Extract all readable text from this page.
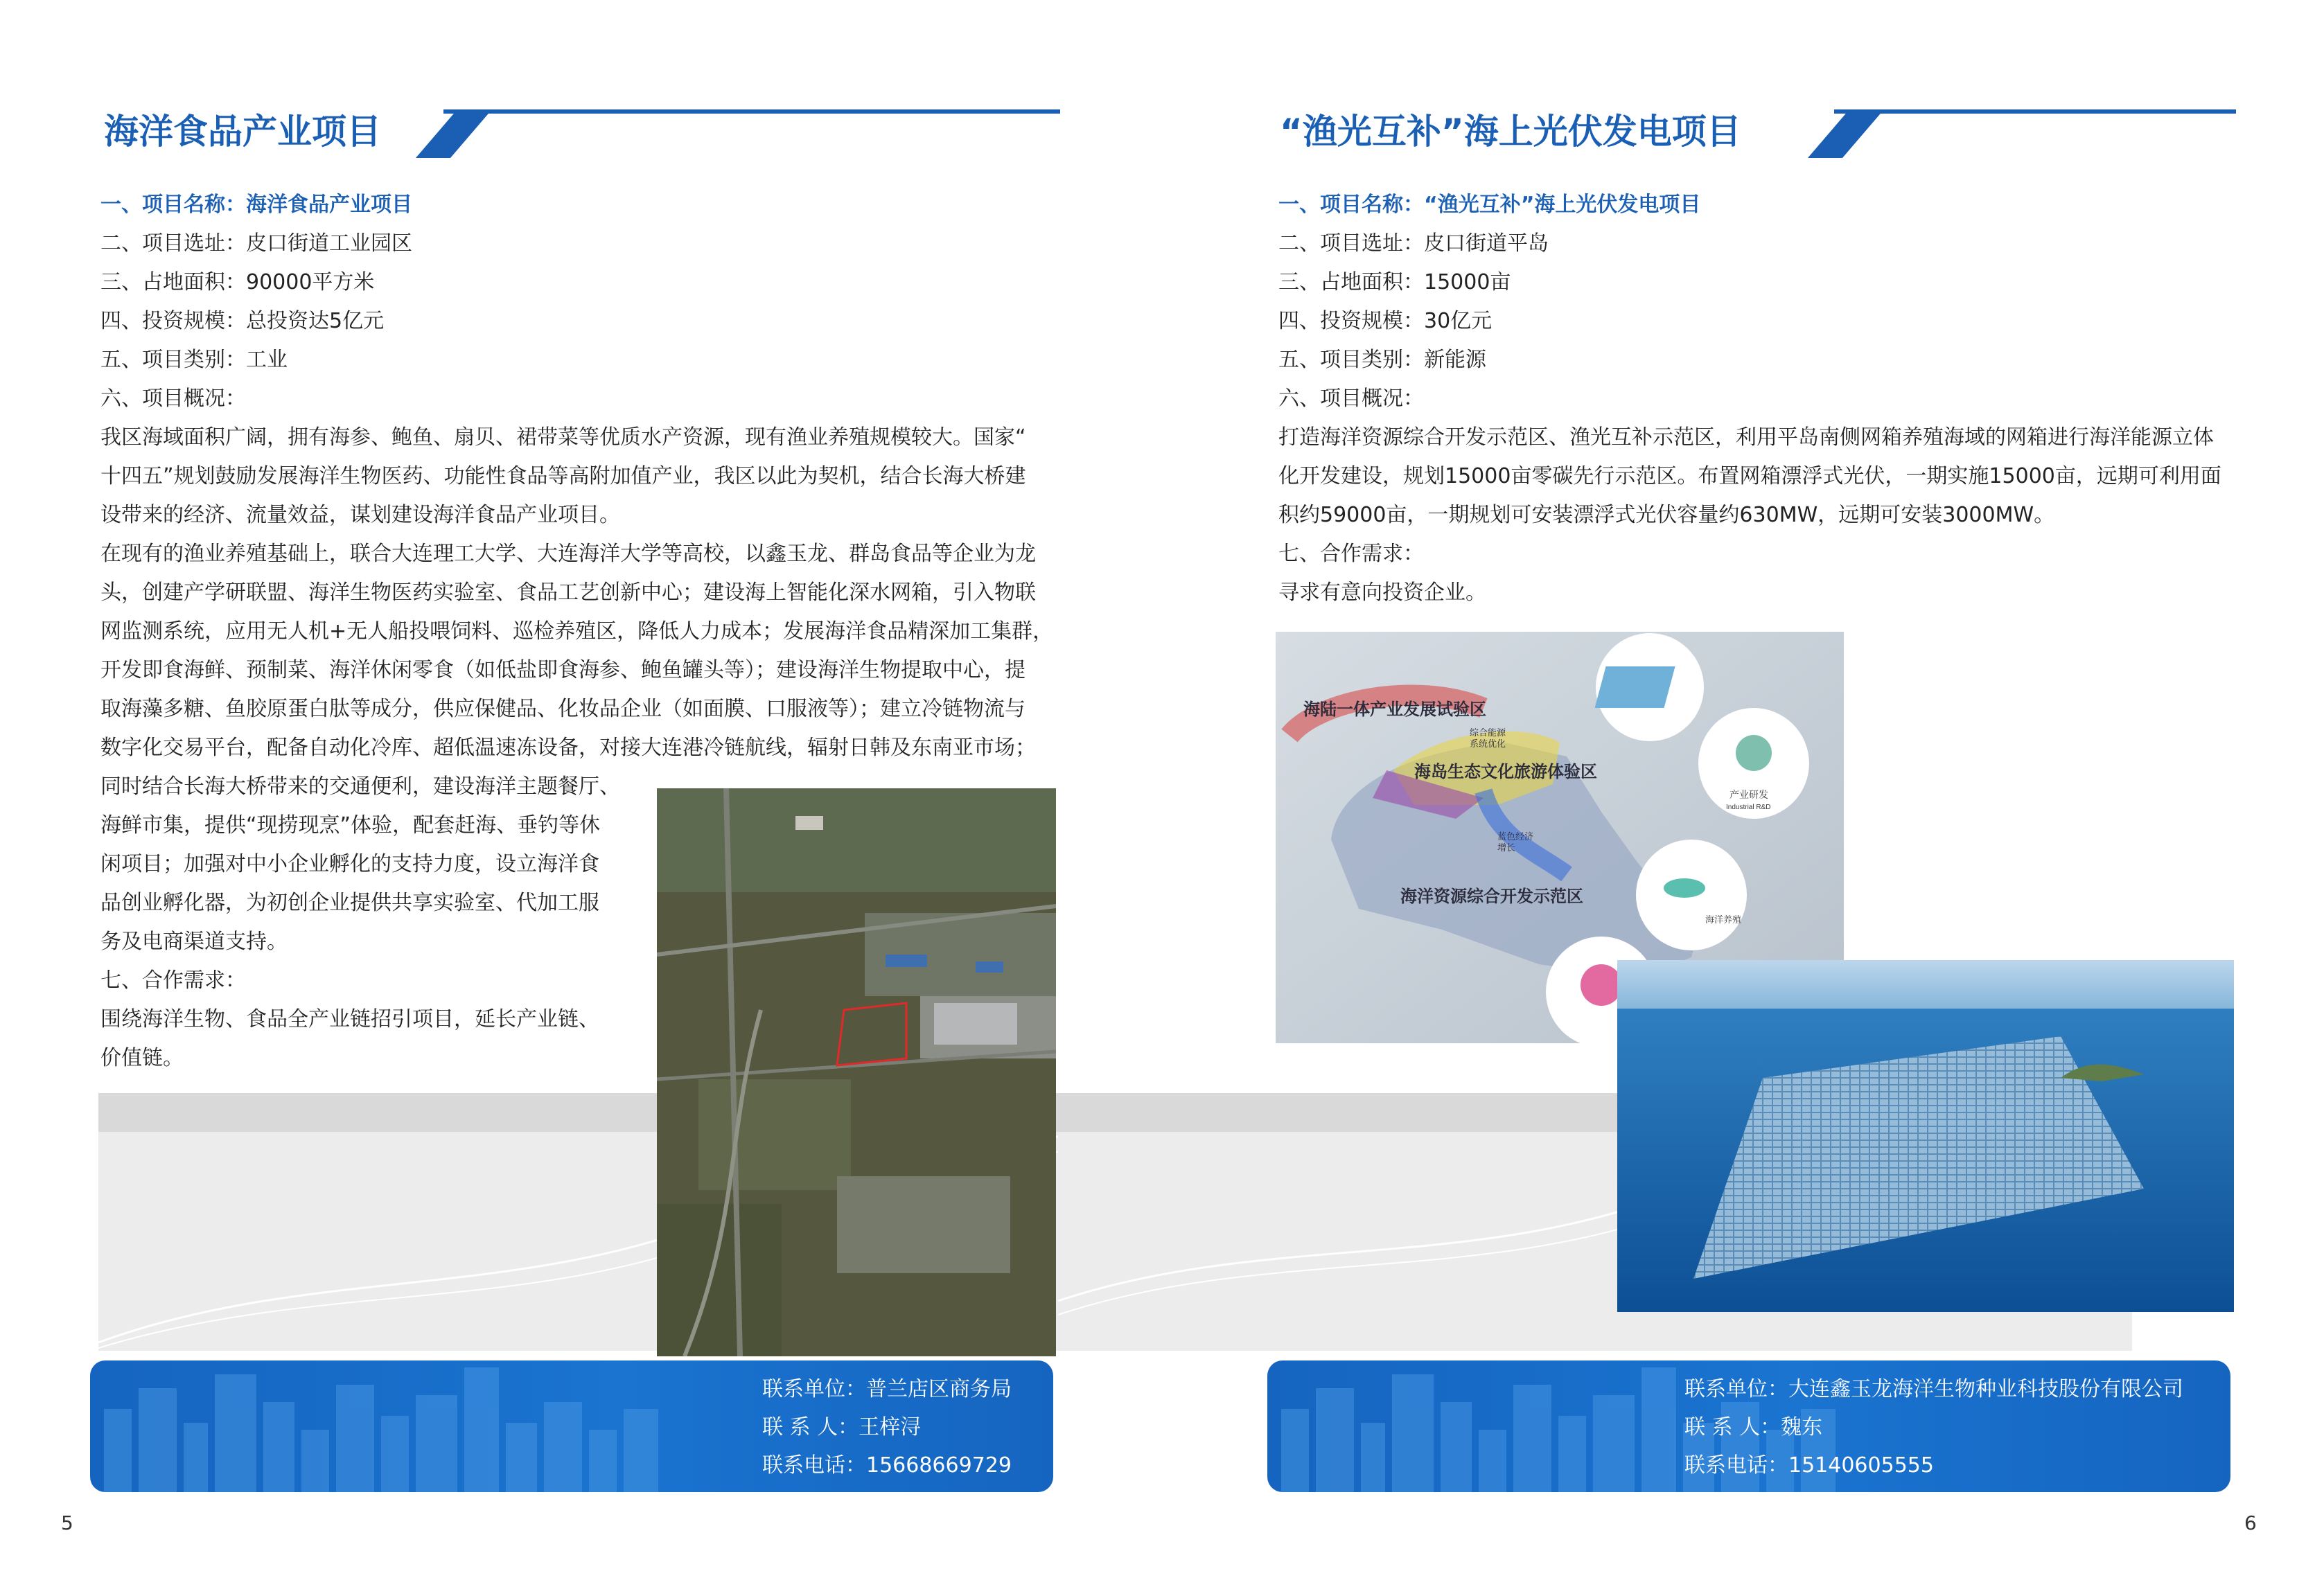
海洋食品产业项目
一、项目名称：海洋食品产业项目
二、项目选址：皮口街道工业园区
三、占地面积：90000平方米
四、投资规模：总投资达5亿元
五、项目类别：工业
六、项目概况：
我区海域面积广阔，拥有海参、鲍鱼、扇贝、裙带菜等优质水产资源，现有渔业养殖规模较大。国家“
十四五”规划鼓励发展海洋生物医药、功能性食品等高附加值产业，我区以此为契机，结合长海大桥建
设带来的经济、流量效益，谋划建设海洋食品产业项目。
在现有的渔业养殖基础上，联合大连理工大学、大连海洋大学等高校，以鑫玉龙、群岛食品等企业为龙
头，创建产学研联盟、海洋生物医药实验室、食品工艺创新中心；建设海上智能化深水网箱，引入物联
网监测系统，应用无人机+无人船投喂饲料、巡检养殖区，降低人力成本；发展海洋食品精深加工集群，
开发即食海鲜、预制菜、海洋休闲零食（如低盐即食海参、鲍鱼罐头等）；建设海洋生物提取中心，提
取海藻多糖、鱼胶原蛋白肽等成分，供应保健品、化妆品企业（如面膜、口服液等）；建立冷链物流与
数字化交易平台，配备自动化冷库、超低温速冻设备，对接大连港冷链航线，辐射日韩及东南亚市场；
同时结合长海大桥带来的交通便利，建设海洋主题餐厅、
海鲜市集，提供“现捞现烹”体验，配套赶海、垂钓等休
闲项目；加强对中小企业孵化的支持力度，设立海洋食
品创业孵化器，为初创企业提供共享实验室、代加工服
务及电商渠道支持。
七、合作需求：
围绕海洋生物、食品全产业链招引项目，延长产业链、
价值链。
联系单位：普兰店区商务局
联 系 人：王梓浔
联系电话：15668669729
5
“渔光互补”海上光伏发电项目
一、项目名称：“渔光互补”海上光伏发电项目
二、项目选址：皮口街道平岛
三、占地面积：15000亩
四、投资规模：30亿元
五、项目类别：新能源
六、项目概况：
打造海洋资源综合开发示范区、渔光互补示范区，利用平岛南侧网箱养殖海域的网箱进行海洋能源立体
化开发建设，规划15000亩零碳先行示范区。布置网箱漂浮式光伏，一期实施15000亩，远期可利用面
积约59000亩，一期规划可安装漂浮式光伏容量约630MW，远期可安装3000MW。
七、合作需求：
寻求有意向投资企业。
海陆一体产业发展试验区
海岛生态文化旅游体验区
海洋资源综合开发示范区
综合能源
系统优化
蓝色经济
增长
产业研发
Industrial R&D
海洋养殖
联系单位：大连鑫玉龙海洋生物种业科技股份有限公司
联 系 人：魏东
联系电话：15140605555
6
